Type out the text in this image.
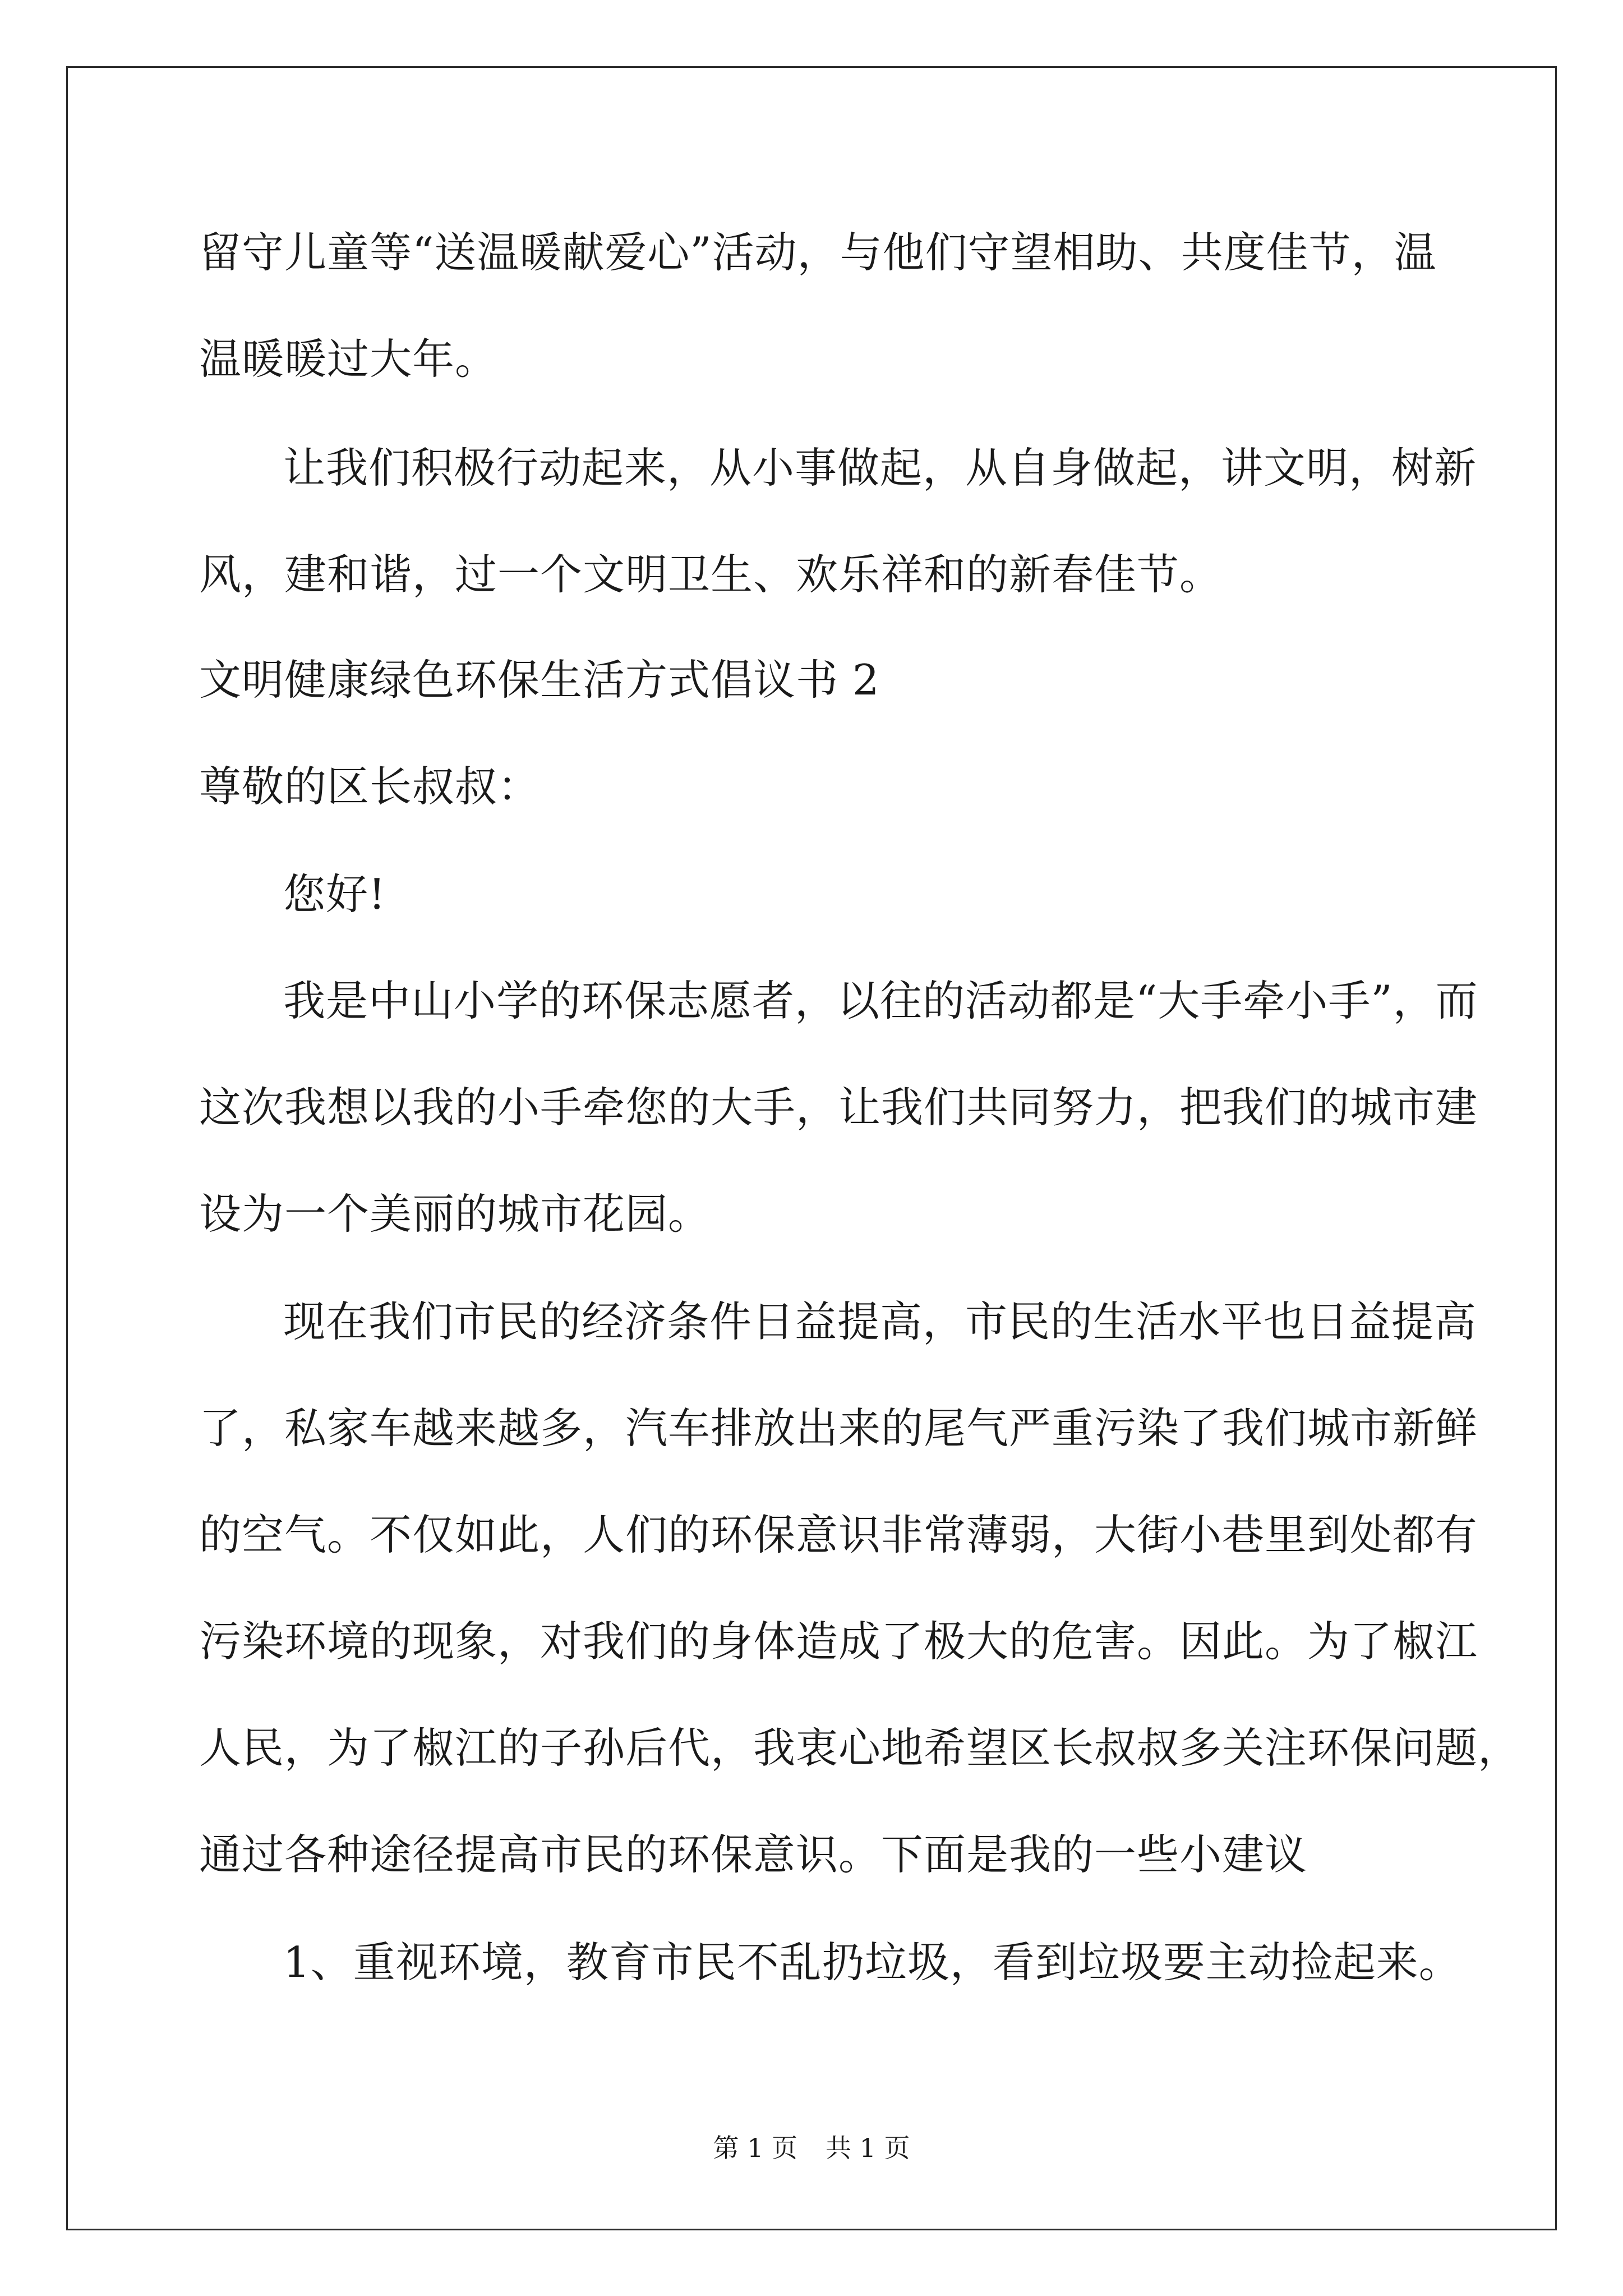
留守儿童等“送温暖献爱心”活动，与他们守望相助、共度佳节，温
温暖暖过大年。
让我们积极行动起来，从小事做起，从自身做起，讲文明，树新
风，建和谐，过一个文明卫生、欢乐祥和的新春佳节。
文明健康绿色环保生活方式倡议书 2
尊敬的区长叔叔：
您好!
我是中山小学的环保志愿者，以往的活动都是“大手牵小手”，而
这次我想以我的小手牵您的大手，让我们共同努力，把我们的城市建
设为一个美丽的城市花园。
现在我们市民的经济条件日益提高，市民的生活水平也日益提高
了，私家车越来越多，汽车排放出来的尾气严重污染了我们城市新鲜
的空气。不仅如此，人们的环保意识非常薄弱，大街小巷里到处都有
污染环境的现象，对我们的身体造成了极大的危害。因此。为了椒江
人民，为了椒江的子孙后代，我衷心地希望区长叔叔多关注环保问题，
通过各种途径提高市民的环保意识。下面是我的一些小建议
1、重视环境，教育市民不乱扔垃圾，看到垃圾要主动捡起来。
第 1 页 共 1 页
